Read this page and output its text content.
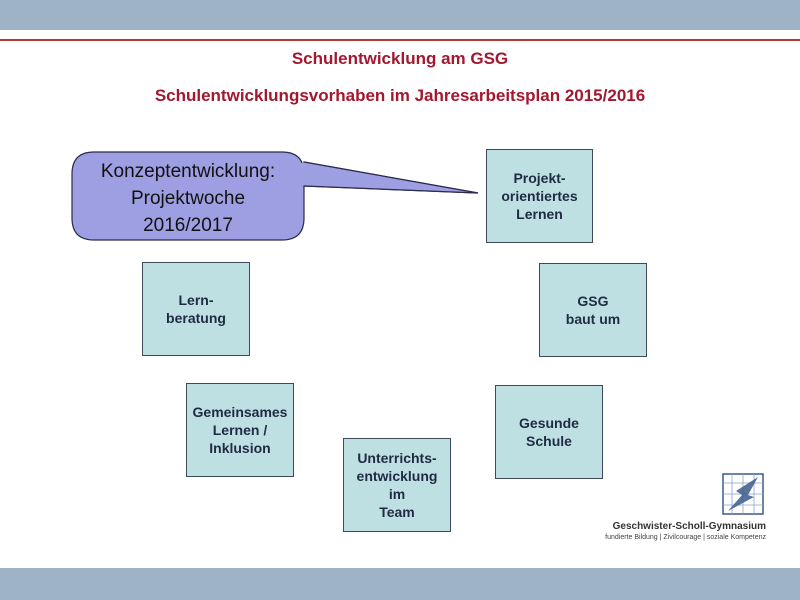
Schulentwicklung am GSG
Schulentwicklungsvorhaben im Jahresarbeitsplan 2015/2016
Konzeptentwicklung:
Projektwoche
2016/2017
Projekt-
orientiertes
Lernen
GSG
baut um
Gesunde
Schule
Unterrichts-
entwicklung
im
Team
Gemeinsames
Lernen /
Inklusion
Lern-
beratung
Geschwister-Scholl-Gymnasium
fundierte Bildung | Zivilcourage | soziale Kompetenz
